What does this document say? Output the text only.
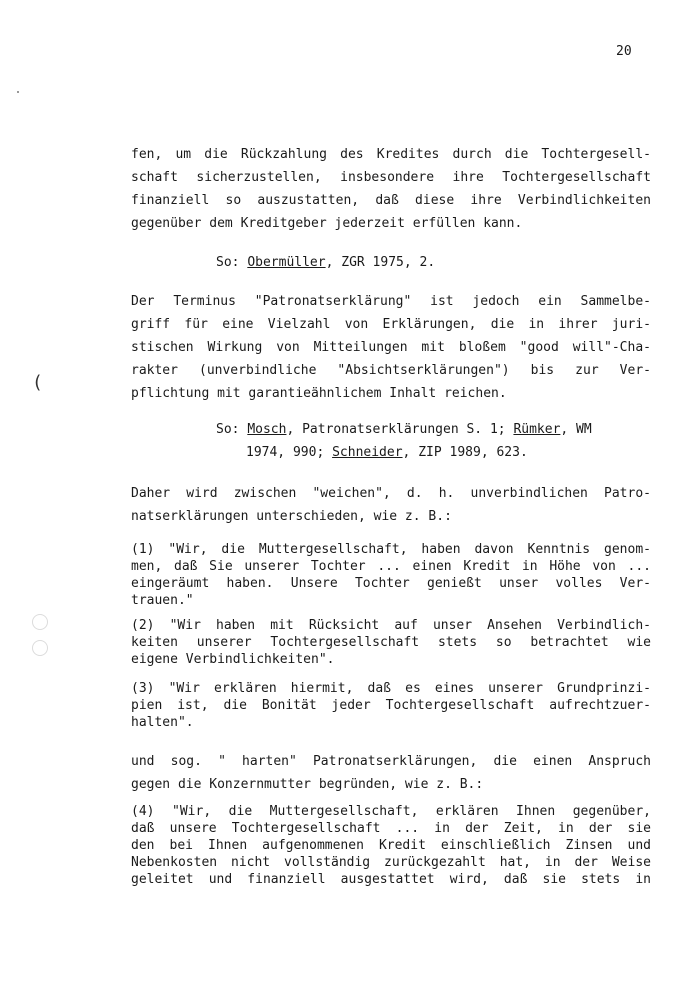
20
(
fen, um die Rückzahlung des Kredites durch die Tochtergesell-
schaft sicherzustellen, insbesondere ihre Tochtergesellschaft
finanziell so auszustatten, daß diese ihre Verbindlichkeiten
gegenüber dem Kreditgeber jederzeit erfüllen kann.
So: Obermüller, ZGR 1975, 2.
Der Terminus "Patronatserklärung" ist jedoch ein Sammelbe-
griff für eine Vielzahl von Erklärungen, die in ihrer juri-
stischen Wirkung von Mitteilungen mit bloßem "good will"-Cha-
rakter (unverbindliche "Absichtserklärungen") bis zur Ver-
pflichtung mit garantieähnlichem Inhalt reichen.
So: Mosch, Patronatserklärungen S. 1; Rümker, WM
1974, 990; Schneider, ZIP 1989, 623.
Daher wird zwischen "weichen", d. h. unverbindlichen Patro-
natserklärungen unterschieden, wie z. B.:
(1) "Wir, die Muttergesellschaft, haben davon Kenntnis genom-
men, daß Sie unserer Tochter ... einen Kredit in Höhe von ...
eingeräumt haben. Unsere Tochter genießt unser volles Ver-
trauen."
(2) "Wir haben mit Rücksicht auf unser Ansehen Verbindlich-
keiten unserer Tochtergesellschaft stets so betrachtet wie
eigene Verbindlichkeiten".
(3) "Wir erklären hiermit, daß es eines unserer Grundprinzi-
pien ist, die Bonität jeder Tochtergesellschaft aufrechtzuer-
halten".
und sog. " harten" Patronatserklärungen, die einen Anspruch
gegen die Konzernmutter begründen, wie z. B.:
(4) "Wir, die Muttergesellschaft, erklären Ihnen gegenüber,
daß unsere Tochtergesellschaft ... in der Zeit, in der sie
den bei Ihnen aufgenommenen Kredit einschließlich Zinsen und
Nebenkosten nicht vollständig zurückgezahlt hat, in der Weise
geleitet und finanziell ausgestattet wird, daß sie stets in
